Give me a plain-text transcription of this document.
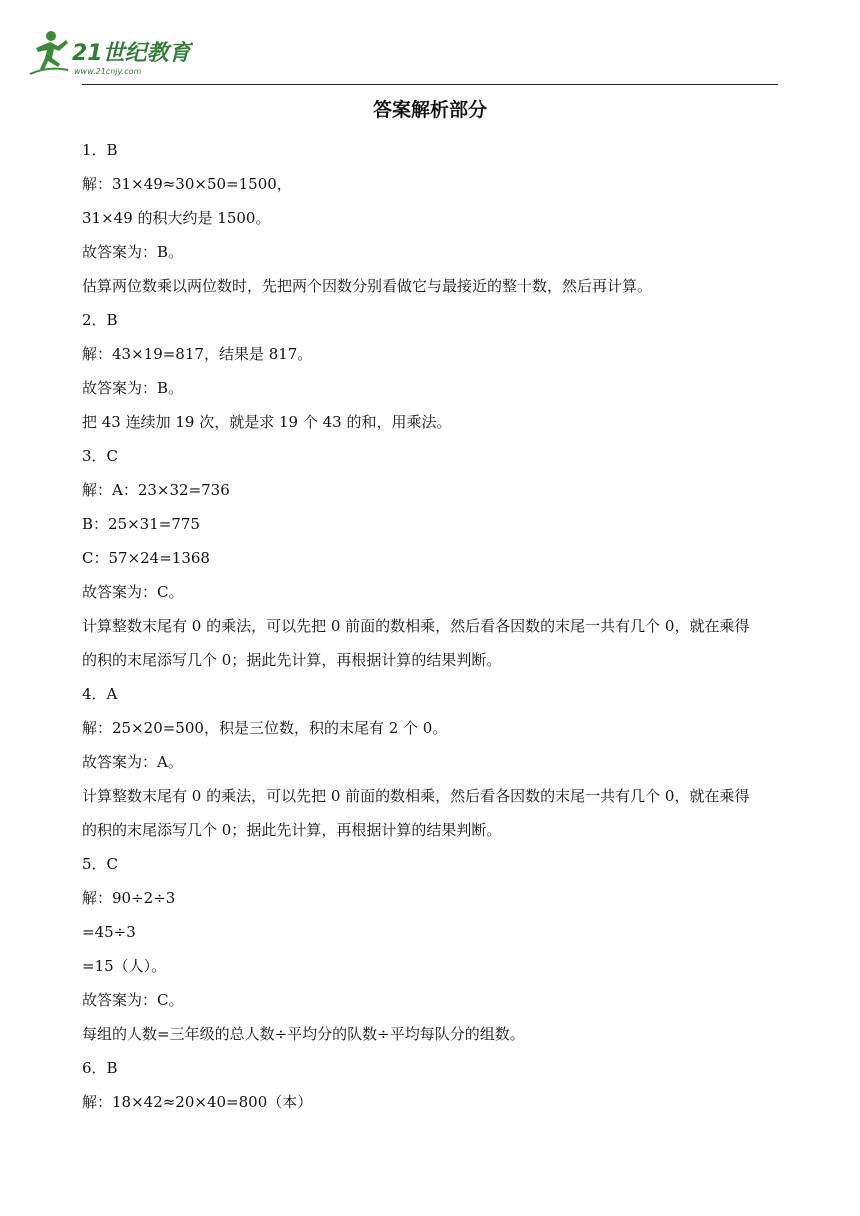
21世纪教育
www.21cnjy.com
答案解析部分
1．B
解：31×49≈30×50=1500，
31×49 的积大约是 1500。
故答案为：B。
估算两位数乘以两位数时，先把两个因数分别看做它与最接近的整十数，然后再计算。
2．B
解：43×19=817，结果是 817。
故答案为：B。
把 43 连续加 19 次，就是求 19 个 43 的和，用乘法。
3．C
解：A：23×32=736
B：25×31=775
C：57×24=1368
故答案为：C。
计算整数末尾有 0 的乘法，可以先把 0 前面的数相乘，然后看各因数的末尾一共有几个 0，就在乘得
的积的末尾添写几个 0；据此先计算，再根据计算的结果判断。
4．A
解：25×20=500，积是三位数，积的末尾有 2 个 0。
故答案为：A。
计算整数末尾有 0 的乘法，可以先把 0 前面的数相乘，然后看各因数的末尾一共有几个 0，就在乘得
的积的末尾添写几个 0；据此先计算，再根据计算的结果判断。
5．C
解：90÷2÷3
=45÷3
=15（人）。
故答案为：C。
每组的人数=三年级的总人数÷平均分的队数÷平均每队分的组数。
6．B
解：18×42≈20×40=800（本）
